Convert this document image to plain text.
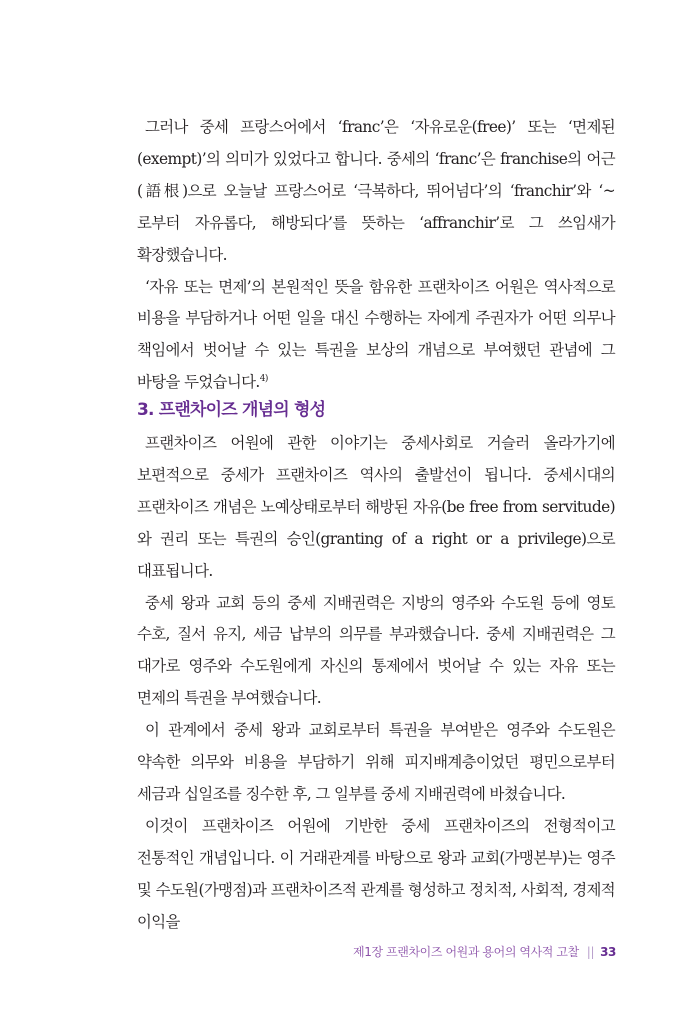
그러나 중세 프랑스어에서 ‘franc’은 ‘자유로운(free)’ 또는 ‘면제된(exempt)’의 의미가 있었다고 합니다. 중세의 ‘franc’은 franchise의 어근(語根)으로 오늘날 프랑스어로 ‘극복하다, 뛰어넘다’의 ‘franchir’와 ‘~로부터 자유롭다, 해방되다’를 뜻하는 ‘affranchir’로 그 쓰임새가 확장했습니다.

‘자유 또는 면제’의 본원적인 뜻을 함유한 프랜차이즈 어원은 역사적으로 비용을 부담하거나 어떤 일을 대신 수행하는 자에게 주권자가 어떤 의무나 책임에서 벗어날 수 있는 특권을 보상의 개념으로 부여했던 관념에 그 바탕을 두었습니다.$^{4)}$

3. 프랜차이즈 개념의 형성

프랜차이즈 어원에 관한 이야기는 중세사회로 거슬러 올라가기에 보편적으로 중세가 프랜차이즈 역사의 출발선이 됩니다. 중세시대의 프랜차이즈 개념은 노예상태로부터 해방된 자유(be free from servitude)와 권리 또는 특권의 승인(granting of a right or a privilege)으로 대표됩니다.

중세 왕과 교회 등의 중세 지배권력은 지방의 영주와 수도원 등에 영토 수호, 질서 유지, 세금 납부의 의무를 부과했습니다. 중세 지배권력은 그 대가로 영주와 수도원에게 자신의 통제에서 벗어날 수 있는 자유 또는 면제의 특권을 부여했습니다.

이 관계에서 중세 왕과 교회로부터 특권을 부여받은 영주와 수도원은 약속한 의무와 비용을 부담하기 위해 피지배계층이었던 평민으로부터 세금과 십일조를 징수한 후, 그 일부를 중세 지배권력에 바쳤습니다.

이것이 프랜차이즈 어원에 기반한 중세 프랜차이즈의 전형적이고 전통적인 개념입니다. 이 거래관계를 바탕으로 왕과 교회(가맹본부)는 영주 및 수도원(가맹점)과 프랜차이즈적 관계를 형성하고 정치적, 사회적, 경제적 이익을

제1장 프랜차이즈 어원과 용어의 역사적 고찰 || 33
